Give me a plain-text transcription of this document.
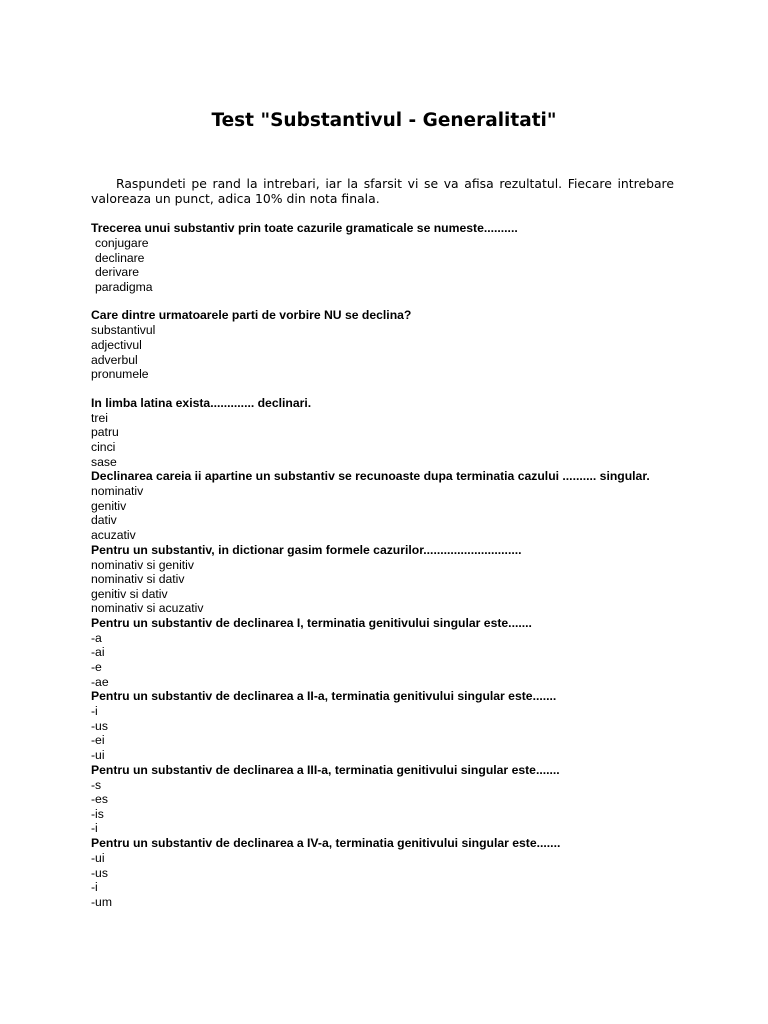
Test "Substantivul - Generalitati"
Raspundeti pe rand la intrebari, iar la sfarsit vi se va afisa rezultatul. Fiecare intrebare valoreaza un punct, adica 10% din nota finala.
Trecerea unui substantiv prin toate cazurile gramaticale se numeste..........
conjugare
declinare
derivare
paradigma
Care dintre urmatoarele parti de vorbire NU se declina?
substantivul
adjectivul
adverbul
pronumele
In limba latina exista............. declinari.
trei
patru
cinci
sase
Declinarea careia ii apartine un substantiv se recunoaste dupa terminatia cazului .......... singular.
nominativ
genitiv
dativ
acuzativ
Pentru un substantiv, in dictionar gasim formele cazurilor.............................
nominativ si genitiv
nominativ si dativ
genitiv si dativ
nominativ si acuzativ
Pentru un substantiv de declinarea I, terminatia genitivului singular este.......
-a
-ai
-e
-ae
Pentru un substantiv de declinarea a II-a, terminatia genitivului singular este.......
-i
-us
-ei
-ui
Pentru un substantiv de declinarea a III-a, terminatia genitivului singular este.......
-s
-es
-is
-i
Pentru un substantiv de declinarea a IV-a, terminatia genitivului singular este.......
-ui
-us
-i
-um
